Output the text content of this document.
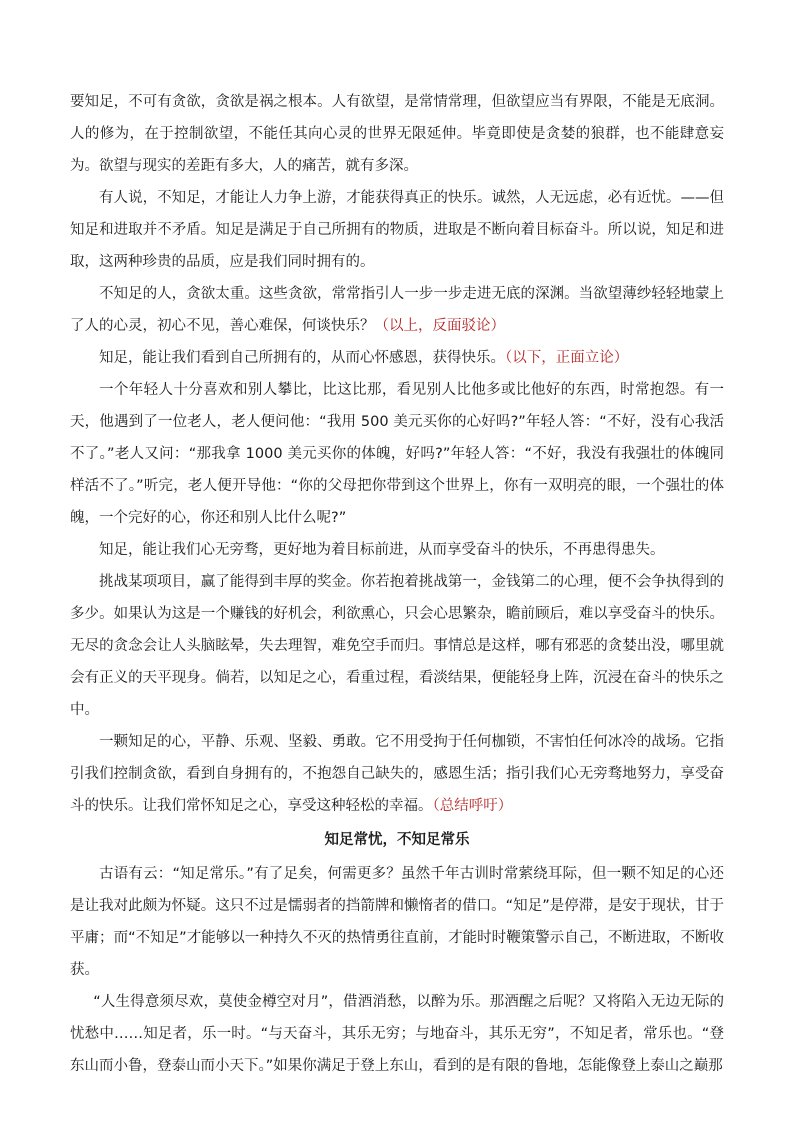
要知足，不可有贪欲，贪欲是祸之根本。人有欲望，是常情常理，但欲望应当有界限，不能是无底洞。人的修为，在于控制欲望，不能任其向心灵的世界无限延伸。毕竟即使是贪婪的狼群，也不能肆意妄为。欲望与现实的差距有多大，人的痛苦，就有多深。

有人说，不知足，才能让人力争上游，才能获得真正的快乐。诚然，人无远虑，必有近忧。——但知足和进取并不矛盾。知足是满足于自己所拥有的物质，进取是不断向着目标奋斗。所以说，知足和进取，这两种珍贵的品质，应是我们同时拥有的。

不知足的人，贪欲太重。这些贪欲，常常指引人一步一步走进无底的深渊。当欲望薄纱轻轻地蒙上了人的心灵，初心不见，善心难保，何谈快乐？（以上，反面驳论）

知足，能让我们看到自己所拥有的，从而心怀感恩，获得快乐。（以下，正面立论）

一个年轻人十分喜欢和别人攀比，比这比那，看见别人比他多或比他好的东西，时常抱怨。有一天，他遇到了一位老人，老人便问他：“我用 500 美元买你的心好吗?”年轻人答：“不好，没有心我活不了。”老人又问：“那我拿 1000 美元买你的体魄，好吗?”年轻人答：“不好，我没有我强壮的体魄同样活不了。”听完，老人便开导他：“你的父母把你带到这个世界上，你有一双明亮的眼，一个强壮的体魄，一个完好的心，你还和别人比什么呢?”

知足，能让我们心无旁骛，更好地为着目标前进，从而享受奋斗的快乐，不再患得患失。

挑战某项项目，赢了能得到丰厚的奖金。你若抱着挑战第一，金钱第二的心理，便不会争执得到的多少。如果认为这是一个赚钱的好机会，利欲熏心，只会心思繁杂，瞻前顾后，难以享受奋斗的快乐。无尽的贪念会让人头脑眩晕，失去理智，难免空手而归。事情总是这样，哪有邪恶的贪婪出没，哪里就会有正义的天平现身。倘若，以知足之心，看重过程，看淡结果，便能轻身上阵，沉浸在奋斗的快乐之中。

一颗知足的心，平静、乐观、坚毅、勇敢。它不用受拘于任何枷锁，不害怕任何冰冷的战场。它指引我们控制贪欲，看到自身拥有的，不抱怨自己缺失的，感恩生活；指引我们心无旁骛地努力，享受奋斗的快乐。让我们常怀知足之心，享受这种轻松的幸福。（总结呼吁）

知足常忧，不知足常乐

古语有云：“知足常乐。”有了足矣，何需更多？虽然千年古训时常萦绕耳际，但一颗不知足的心还是让我对此颇为怀疑。这只不过是懦弱者的挡箭牌和懒惰者的借口。“知足”是停滞，是安于现状，甘于平庸；而“不知足”才能够以一种持久不灭的热情勇往直前，才能时时鞭策警示自己，不断进取，不断收获。

“人生得意须尽欢，莫使金樽空对月”，借酒消愁，以醉为乐。那酒醒之后呢？又将陷入无边无际的忧愁中……知足者，乐一时。“与天奋斗，其乐无穷；与地奋斗，其乐无穷”，不知足者，常乐也。“登东山而小鲁，登泰山而小天下。”如果你满足于登上东山，看到的是有限的鲁地，怎能像登上泰山之巅那
